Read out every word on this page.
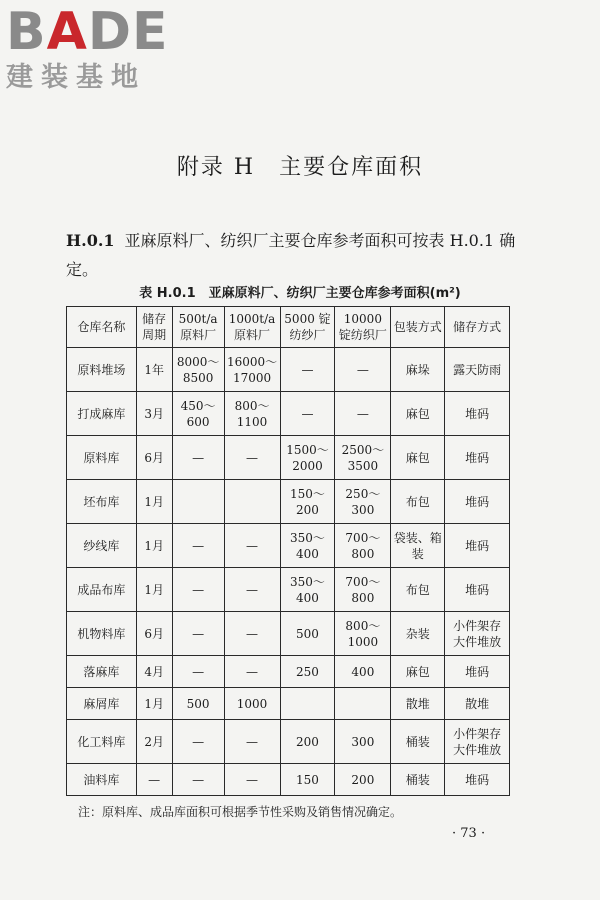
BADE
建装基地
附录 H　主要仓库面积
H.0.1 亚麻原料厂、纺织厂主要仓库参考面积可按表 H.0.1 确定。
表 H.0.1　亚麻原料厂、纺织厂主要仓库参考面积(m²)
仓库名称	储存周期	500t/a 原料厂	1000t/a 原料厂	5000 锭纺纱厂	10000 锭纺织厂	包装方式	储存方式
原料堆场	1年	8000～8500	16000～17000	—	—	麻垛	露天防雨
打成麻库	3月	450～600	800～1100	—	—	麻包	堆码
原料库	6月	—	—	1500～2000	2500～3500	麻包	堆码
坯布库	1月			150～200	250～300	布包	堆码
纱线库	1月	—	—	350～400	700～800	袋装、箱装	堆码
成品布库	1月	—	—	350～400	700～800	布包	堆码
机物料库	6月	—	—	500	800～1000	杂装	小件架存 大件堆放
落麻库	4月	—	—	250	400	麻包	堆码
麻屑库	1月	500	1000			散堆	散堆
化工料库	2月	—	—	200	300	桶装	小件架存 大件堆放
油料库	—	—	—	150	200	桶装	堆码
注：原料库、成品库面积可根据季节性采购及销售情况确定。
· 73 ·
